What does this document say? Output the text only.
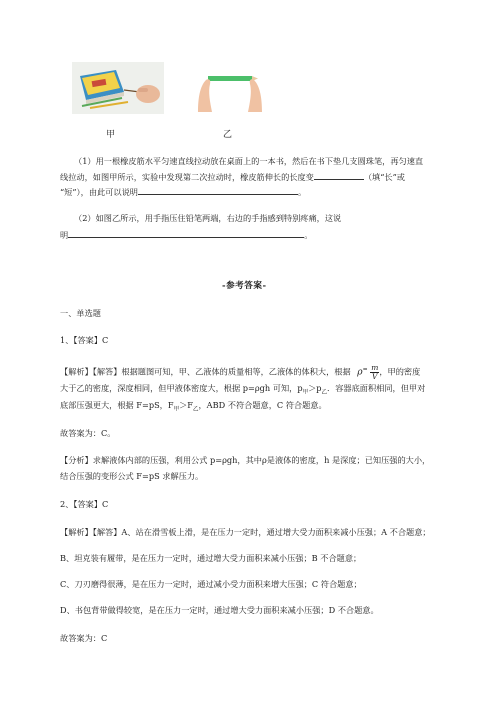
甲	乙
（1）用一根橡皮筋水平匀速直线拉动放在桌面上的一本书，然后在书下垫几支圆珠笔，再匀速直
线拉动，如图甲所示，实验中发现第二次拉动时，橡皮筋伸长的长度变	（填“长”或
“短”），由此可以说明	。
（2）如图乙所示，用手指压住铅笔两端，右边的手指感到特别疼痛，这说
明	。
-参考答案-
一、单选题
1、【答案】C
【解析】【解答】根据题图可知，甲、乙液体的质量相等，乙液体的体积大，根据 $\rho^= \frac{m}{V}$，甲的密度
大于乙的密度，深度相同，但甲液体密度大，根据 p=ρgh 可知，$p_甲>p_乙$．容器底面积相同，但甲对
底部压强更大，根据 F=pS，$F_甲>F_乙$，ABD 不符合题意，C 符合题意。
故答案为：C。
【分析】求解液体内部的压强，利用公式 p=ρgh，其中ρ是液体的密度，h 是深度；已知压强的大小，
结合压强的变形公式 F=pS 求解压力。
2、【答案】C
【解析】【解答】A、站在滑雪板上滑，是在压力一定时，通过增大受力面积来减小压强；A 不合题意；
B、坦克装有履带，是在压力一定时，通过增大受力面积来减小压强；B 不合题意；
C、刀刃磨得很薄，是在压力一定时，通过减小受力面积来增大压强；C 符合题意；
D、书包背带做得较宽，是在压力一定时，通过增大受力面积来减小压强；D 不合题意。
故答案为：C
